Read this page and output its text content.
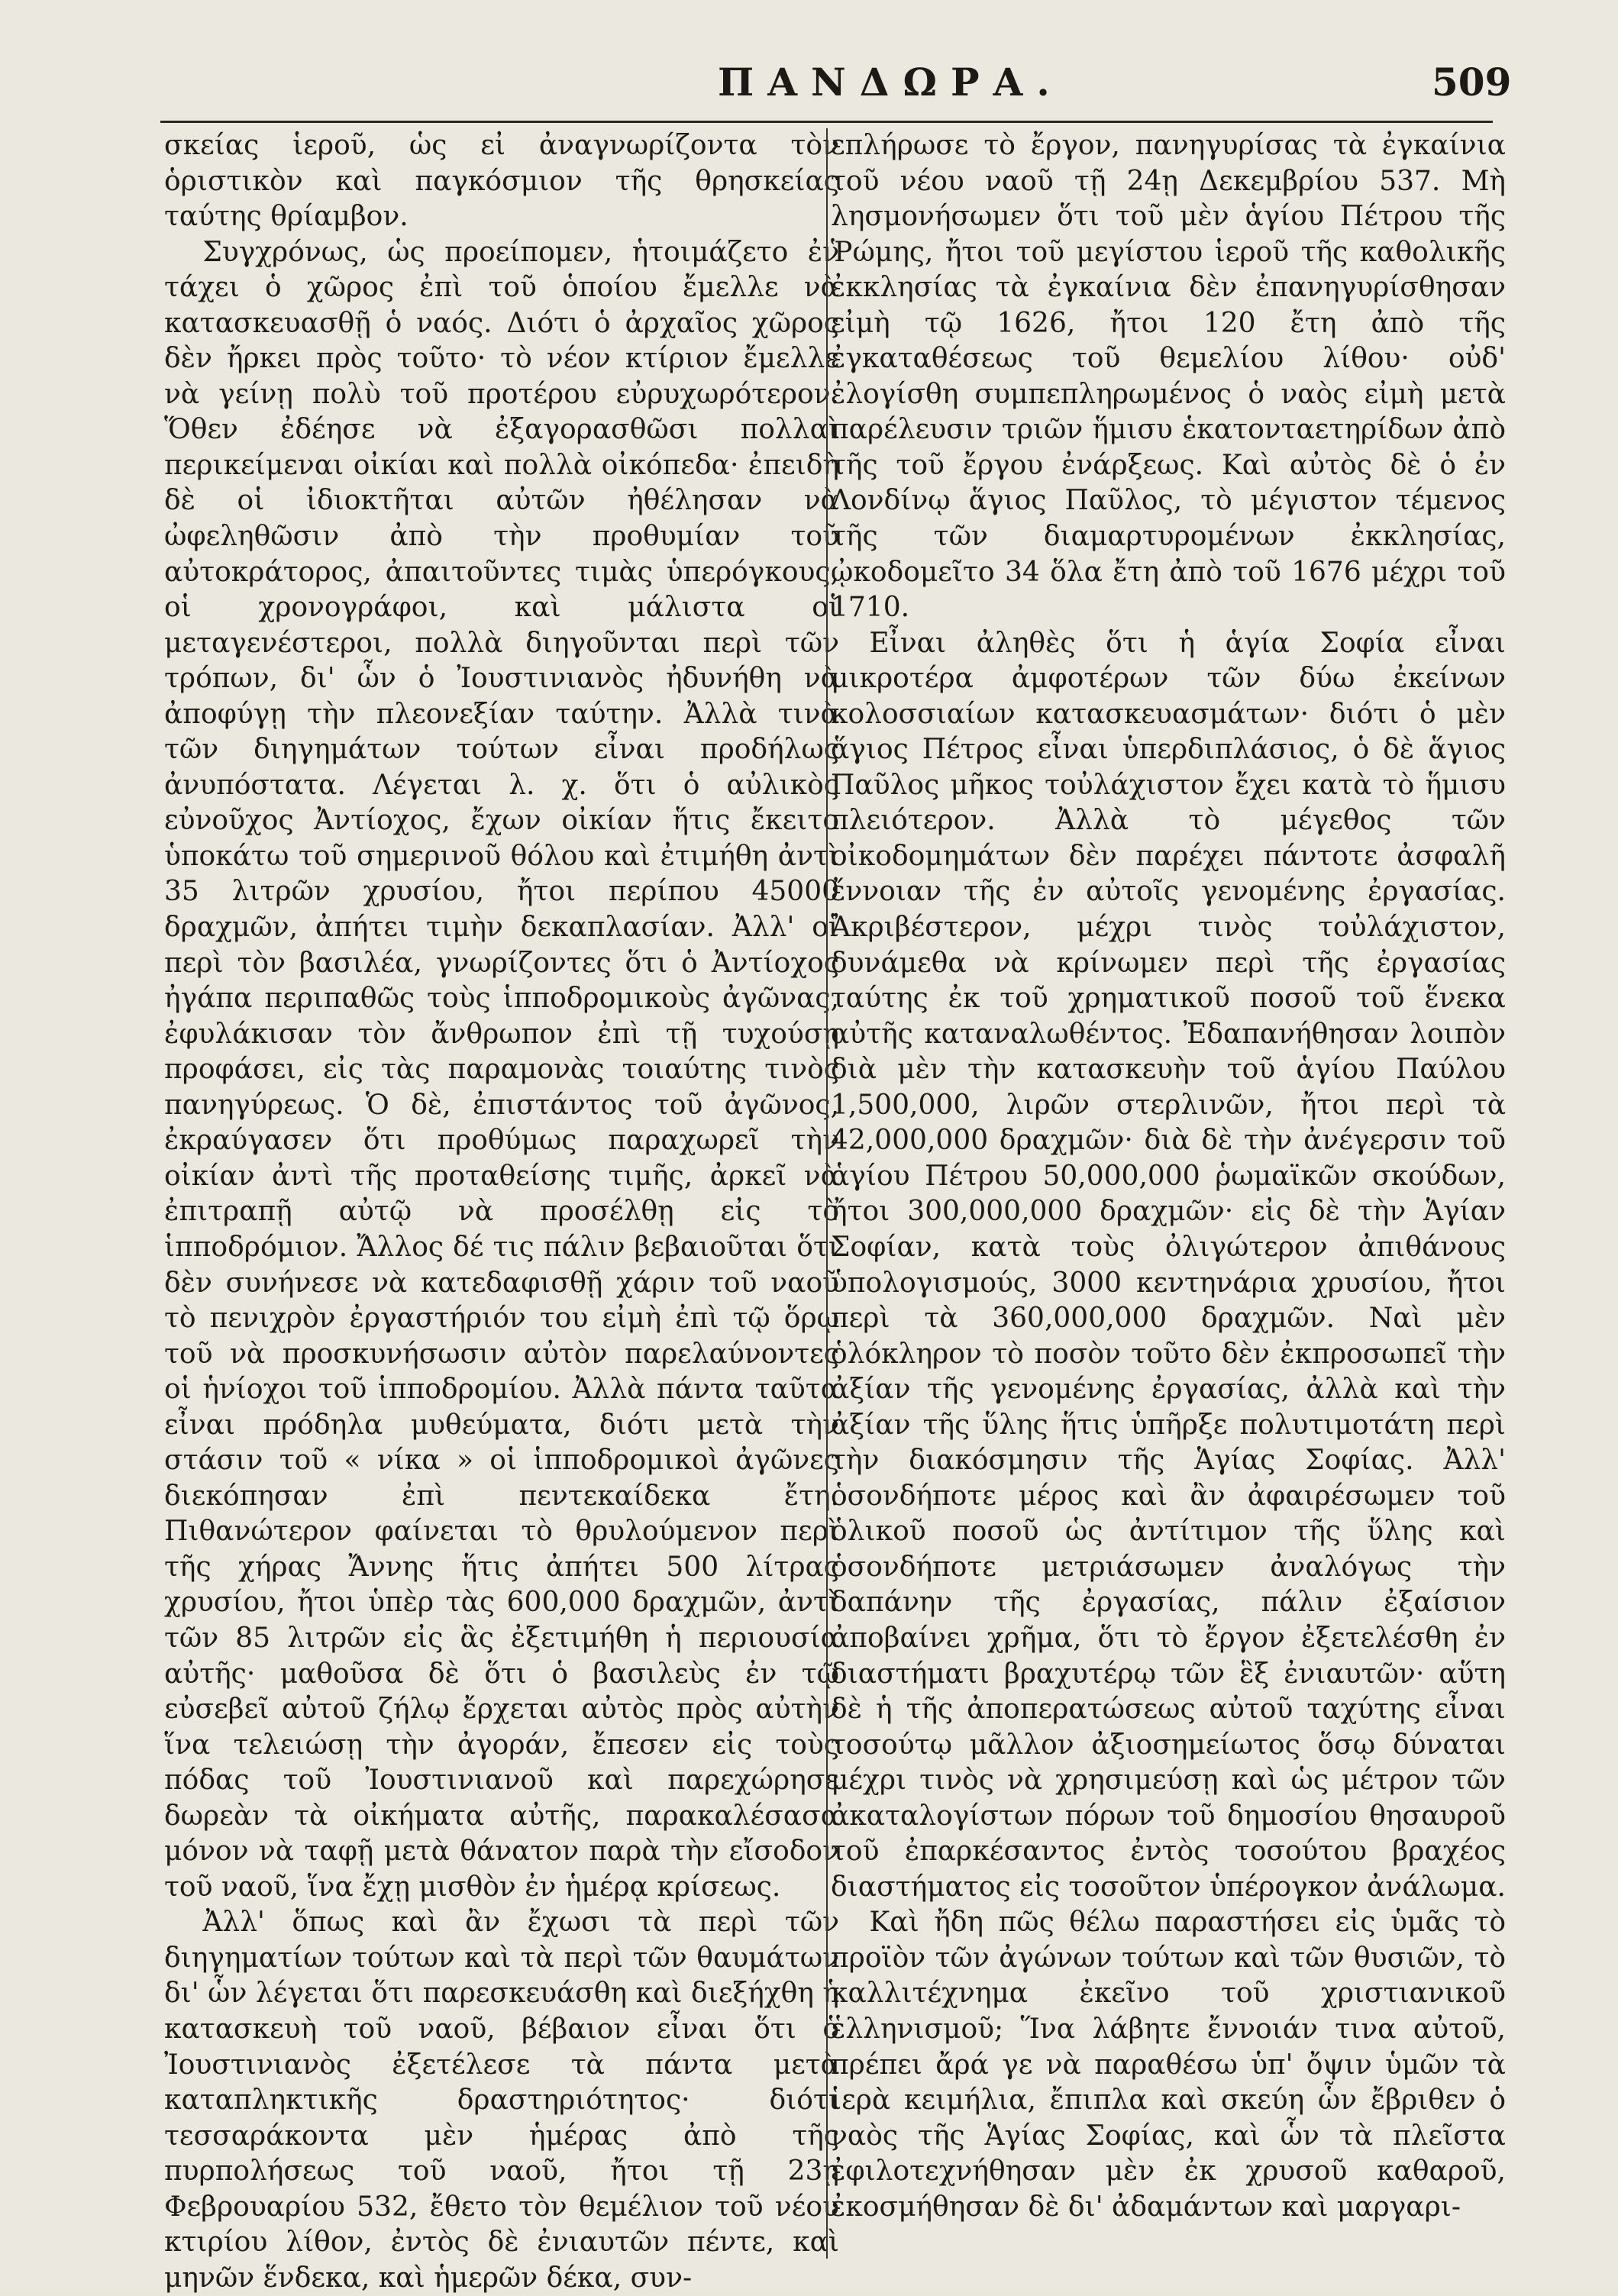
ΠΑΝΔΩΡΑ.	509

σκείας ἱεροῦ, ὡς εἰ ἀναγνωρίζοντα τὸν ὁριστικὸν καὶ παγκόσμιον τῆς θρησκείας ταύτης θρίαμβον.

Συγχρόνως, ὡς προείπομεν, ἡτοιμάζετο ἐν τάχει ὁ χῶρος ἐπὶ τοῦ ὁποίου ἔμελλε νὰ κατασκευασθῇ ὁ ναός. Διότι ὁ ἀρχαῖος χῶρος δὲν ἤρκει πρὸς τοῦτο· τὸ νέον κτίριον ἔμελλε νὰ γείνῃ πολὺ τοῦ προτέρου εὐρυχωρότερον. Ὅθεν ἐδέησε νὰ ἐξαγορασθῶσι πολλαὶ περικείμεναι οἰκίαι καὶ πολλὰ οἰκόπεδα· ἐπειδὴ δὲ οἱ ἰδιοκτῆται αὐτῶν ἠθέλησαν νὰ ὠφεληθῶσιν ἀπὸ τὴν προθυμίαν τοῦ αὐτοκράτορος, ἀπαιτοῦντες τιμὰς ὑπερόγκους, οἱ χρονογράφοι, καὶ μάλιστα οἱ μεταγενέστεροι, πολλὰ διηγοῦνται περὶ τῶν τρόπων, δι' ὧν ὁ Ἰουστινιανὸς ἠδυνήθη νὰ ἀποφύγῃ τὴν πλεονεξίαν ταύτην. Ἀλλὰ τινὰ τῶν διηγημάτων τούτων εἶναι προδήλως ἀνυπόστατα. Λέγεται λ. χ. ὅτι ὁ αὐλικὸς εὐνοῦχος Ἀντίοχος, ἔχων οἰκίαν ἥτις ἔκειτο ὑποκάτω τοῦ σημερινοῦ θόλου καὶ ἐτιμήθη ἀντὶ 35 λιτρῶν χρυσίου, ἤτοι περίπου 45000 δραχμῶν, ἀπήτει τιμὴν δεκαπλασίαν. Ἀλλ' οἱ περὶ τὸν βασιλέα, γνωρίζοντες ὅτι ὁ Ἀντίοχος ἠγάπα περιπαθῶς τοὺς ἱπποδρομικοὺς ἀγῶνας, ἐφυλάκισαν τὸν ἄνθρωπον ἐπὶ τῇ τυχούσῃ προφάσει, εἰς τὰς παραμονὰς τοιαύτης τινὸς πανηγύρεως. Ὁ δὲ, ἐπιστάντος τοῦ ἀγῶνος, ἐκραύγασεν ὅτι προθύμως παραχωρεῖ τὴν οἰκίαν ἀντὶ τῆς προταθείσης τιμῆς, ἀρκεῖ νὰ ἐπιτραπῇ αὐτῷ νὰ προσέλθῃ εἰς τὸ ἱπποδρόμιον. Ἄλλος δέ τις πάλιν βεβαιοῦται ὅτι δὲν συνήνεσε νὰ κατεδαφισθῇ χάριν τοῦ ναοῦ τὸ πενιχρὸν ἐργαστήριόν του εἰμὴ ἐπὶ τῷ ὅρῳ τοῦ νὰ προσκυνήσωσιν αὐτὸν παρελαύνοντες οἱ ἡνίοχοι τοῦ ἱπποδρομίου. Ἀλλὰ πάντα ταῦτα εἶναι πρόδηλα μυθεύματα, διότι μετὰ τὴν στάσιν τοῦ « νίκα » οἱ ἱπποδρομικοὶ ἀγῶνες διεκόπησαν ἐπὶ πεντεκαίδεκα ἔτη. Πιθανώτερον φαίνεται τὸ θρυλούμενον περὶ τῆς χήρας Ἄννης ἥτις ἀπήτει 500 λίτρας χρυσίου, ἤτοι ὑπὲρ τὰς 600,000 δραχμῶν, ἀντὶ τῶν 85 λιτρῶν εἰς ἃς ἐξετιμήθη ἡ περιουσία αὐτῆς· μαθοῦσα δὲ ὅτι ὁ βασιλεὺς ἐν τῷ εὐσεβεῖ αὐτοῦ ζήλῳ ἔρχεται αὐτὸς πρὸς αὐτὴν ἵνα τελειώσῃ τὴν ἀγοράν, ἔπεσεν εἰς τοὺς πόδας τοῦ Ἰουστινιανοῦ καὶ παρεχώρησε δωρεὰν τὰ οἰκήματα αὐτῆς, παρακαλέσασα μόνον νὰ ταφῇ μετὰ θάνατον παρὰ τὴν εἴσοδον τοῦ ναοῦ, ἵνα ἔχῃ μισθὸν ἐν ἡμέρᾳ κρίσεως.

Ἀλλ' ὅπως καὶ ἂν ἔχωσι τὰ περὶ τῶν διηγηματίων τούτων καὶ τὰ περὶ τῶν θαυμάτων δι' ὧν λέγεται ὅτι παρεσκευάσθη καὶ διεξήχθη ἡ κατασκευὴ τοῦ ναοῦ, βέβαιον εἶναι ὅτι ὁ Ἰουστινιανὸς ἐξετέλεσε τὰ πάντα μετὰ καταπληκτικῆς δραστηριότητος· διότι τεσσαράκοντα μὲν ἡμέρας ἀπὸ τῆς πυρπολήσεως τοῦ ναοῦ, ἤτοι τῇ 23ῃ Φεβρουαρίου 532, ἔθετο τὸν θεμέλιον τοῦ νέου κτιρίου λίθον, ἐντὸς δὲ ἐνιαυτῶν πέντε, καὶ μηνῶν ἕνδεκα, καὶ ἡμερῶν δέκα, συν-

επλήρωσε τὸ ἔργον, πανηγυρίσας τὰ ἐγκαίνια τοῦ νέου ναοῦ τῇ 24ῃ Δεκεμβρίου 537. Μὴ λησμονήσωμεν ὅτι τοῦ μὲν ἁγίου Πέτρου τῆς Ῥώμης, ἤτοι τοῦ μεγίστου ἱεροῦ τῆς καθολικῆς ἐκκλησίας τὰ ἐγκαίνια δὲν ἐπανηγυρίσθησαν εἰμὴ τῷ 1626, ἤτοι 120 ἔτη ἀπὸ τῆς ἐγκαταθέσεως τοῦ θεμελίου λίθου· οὐδ' ἐλογίσθη συμπεπληρωμένος ὁ ναὸς εἰμὴ μετὰ παρέλευσιν τριῶν ἥμισυ ἑκατονταετηρίδων ἀπὸ τῆς τοῦ ἔργου ἐνάρξεως. Καὶ αὐτὸς δὲ ὁ ἐν Λονδίνῳ ἅγιος Παῦλος, τὸ μέγιστον τέμενος τῆς τῶν διαμαρτυρομένων ἐκκλησίας, ᾠκοδομεῖτο 34 ὅλα ἔτη ἀπὸ τοῦ 1676 μέχρι τοῦ 1710.

Εἶναι ἀληθὲς ὅτι ἡ ἁγία Σοφία εἶναι μικροτέρα ἀμφοτέρων τῶν δύω ἐκείνων κολοσσιαίων κατασκευασμάτων· διότι ὁ μὲν ἅγιος Πέτρος εἶναι ὑπερδιπλάσιος, ὁ δὲ ἅγιος Παῦλος μῆκος τοὐλάχιστον ἔχει κατὰ τὸ ἥμισυ πλειότερον. Ἀλλὰ τὸ μέγεθος τῶν οἰκοδομημάτων δὲν παρέχει πάντοτε ἀσφαλῆ ἔννοιαν τῆς ἐν αὐτοῖς γενομένης ἐργασίας. Ἀκριβέστερον, μέχρι τινὸς τοὐλάχιστον, δυνάμεθα νὰ κρίνωμεν περὶ τῆς ἐργασίας ταύτης ἐκ τοῦ χρηματικοῦ ποσοῦ τοῦ ἕνεκα αὐτῆς καταναλωθέντος. Ἐδαπανήθησαν λοιπὸν διὰ μὲν τὴν κατασκευὴν τοῦ ἁγίου Παύλου 1,500,000, λιρῶν στερλινῶν, ἤτοι περὶ τὰ 42,000,000 δραχμῶν· διὰ δὲ τὴν ἀνέγερσιν τοῦ ἁγίου Πέτρου 50,000,000 ῥωμαϊκῶν σκούδων, ἤτοι 300,000,000 δραχμῶν· εἰς δὲ τὴν Ἁγίαν Σοφίαν, κατὰ τοὺς ὀλιγώτερον ἀπιθάνους ὑπολογισμούς, 3000 κεντηνάρια χρυσίου, ἤτοι περὶ τὰ 360,000,000 δραχμῶν. Ναὶ μὲν ὁλόκληρον τὸ ποσὸν τοῦτο δὲν ἐκπροσωπεῖ τὴν ἀξίαν τῆς γενομένης ἐργασίας, ἀλλὰ καὶ τὴν ἀξίαν τῆς ὕλης ἥτις ὑπῆρξε πολυτιμοτάτη περὶ τὴν διακόσμησιν τῆς Ἁγίας Σοφίας. Ἀλλ' ὁσονδήποτε μέρος καὶ ἂν ἀφαιρέσωμεν τοῦ ὁλικοῦ ποσοῦ ὡς ἀντίτιμον τῆς ὕλης καὶ ὁσονδήποτε μετριάσωμεν ἀναλόγως τὴν δαπάνην τῆς ἐργασίας, πάλιν ἐξαίσιον ἀποβαίνει χρῆμα, ὅτι τὸ ἔργον ἐξετελέσθη ἐν διαστήματι βραχυτέρῳ τῶν ἓξ ἐνιαυτῶν· αὕτη δὲ ἡ τῆς ἀποπερατώσεως αὐτοῦ ταχύτης εἶναι τοσούτῳ μᾶλλον ἀξιοσημείωτος ὅσῳ δύναται μέχρι τινὸς νὰ χρησιμεύσῃ καὶ ὡς μέτρον τῶν ἀκαταλογίστων πόρων τοῦ δημοσίου θησαυροῦ τοῦ ἐπαρκέσαντος ἐντὸς τοσούτου βραχέος διαστήματος εἰς τοσοῦτον ὑπέρογκον ἀνάλωμα.

Καὶ ἤδη πῶς θέλω παραστήσει εἰς ὑμᾶς τὸ προϊὸν τῶν ἀγώνων τούτων καὶ τῶν θυσιῶν, τὸ καλλιτέχνημα ἐκεῖνο τοῦ χριστιανικοῦ ἑλληνισμοῦ; Ἵνα λάβητε ἔννοιάν τινα αὐτοῦ, πρέπει ἄρά γε νὰ παραθέσω ὑπ' ὄψιν ὑμῶν τὰ ἱερὰ κειμήλια, ἔπιπλα καὶ σκεύη ὧν ἔβριθεν ὁ ναὸς τῆς Ἁγίας Σοφίας, καὶ ὧν τὰ πλεῖστα ἐφιλοτεχνήθησαν μὲν ἐκ χρυσοῦ καθαροῦ, ἐκοσμήθησαν δὲ δι' ἀδαμάντων καὶ μαργαρι-
